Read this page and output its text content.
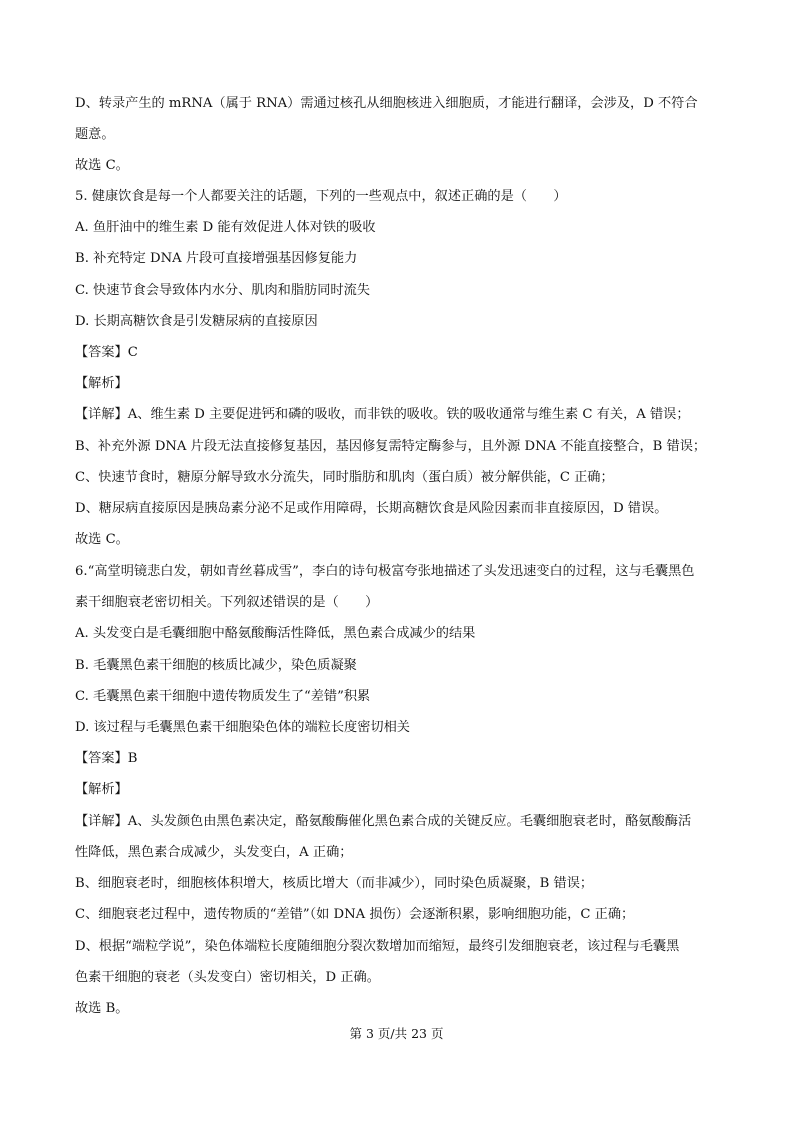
D、转录产生的 mRNA（属于 RNA）需通过核孔从细胞核进入细胞质，才能进行翻译，会涉及，D 不符合
题意。
故选 C。
5. 健康饮食是每一个人都要关注的话题，下列的一些观点中，叙述正确的是（　　）
A. 鱼肝油中的维生素 D 能有效促进人体对铁的吸收
B. 补充特定 DNA 片段可直接增强基因修复能力
C. 快速节食会导致体内水分、肌肉和脂肪同时流失
D. 长期高糖饮食是引发糖尿病的直接原因
【答案】C
【解析】
【详解】A、维生素 D 主要促进钙和磷的吸收，而非铁的吸收。铁的吸收通常与维生素 C 有关，A 错误；
B、补充外源 DNA 片段无法直接修复基因，基因修复需特定酶参与，且外源 DNA 不能直接整合，B 错误；
C、快速节食时，糖原分解导致水分流失，同时脂肪和肌肉（蛋白质）被分解供能，C 正确；
D、糖尿病直接原因是胰岛素分泌不足或作用障碍，长期高糖饮食是风险因素而非直接原因，D 错误。
故选 C。
6.“高堂明镜悲白发，朝如青丝暮成雪”，李白的诗句极富夸张地描述了头发迅速变白的过程，这与毛囊黑色
素干细胞衰老密切相关。下列叙述错误的是（　　）
A. 头发变白是毛囊细胞中酪氨酸酶活性降低，黑色素合成减少的结果
B. 毛囊黑色素干细胞的核质比减少，染色质凝聚
C. 毛囊黑色素干细胞中遗传物质发生了“差错”积累
D. 该过程与毛囊黑色素干细胞染色体的端粒长度密切相关
【答案】B
【解析】
【详解】A、头发颜色由黑色素决定，酪氨酸酶催化黑色素合成的关键反应。毛囊细胞衰老时，酪氨酸酶活
性降低，黑色素合成减少，头发变白，A 正确；
B、细胞衰老时，细胞核体积增大，核质比增大（而非减少），同时染色质凝聚，B 错误；
C、细胞衰老过程中，遗传物质的“差错”（如 DNA 损伤）会逐渐积累，影响细胞功能，C 正确；
D、根据“端粒学说”，染色体端粒长度随细胞分裂次数增加而缩短，最终引发细胞衰老，该过程与毛囊黑
色素干细胞的衰老（头发变白）密切相关，D 正确。
故选 B。
第 3 页/共 23 页
